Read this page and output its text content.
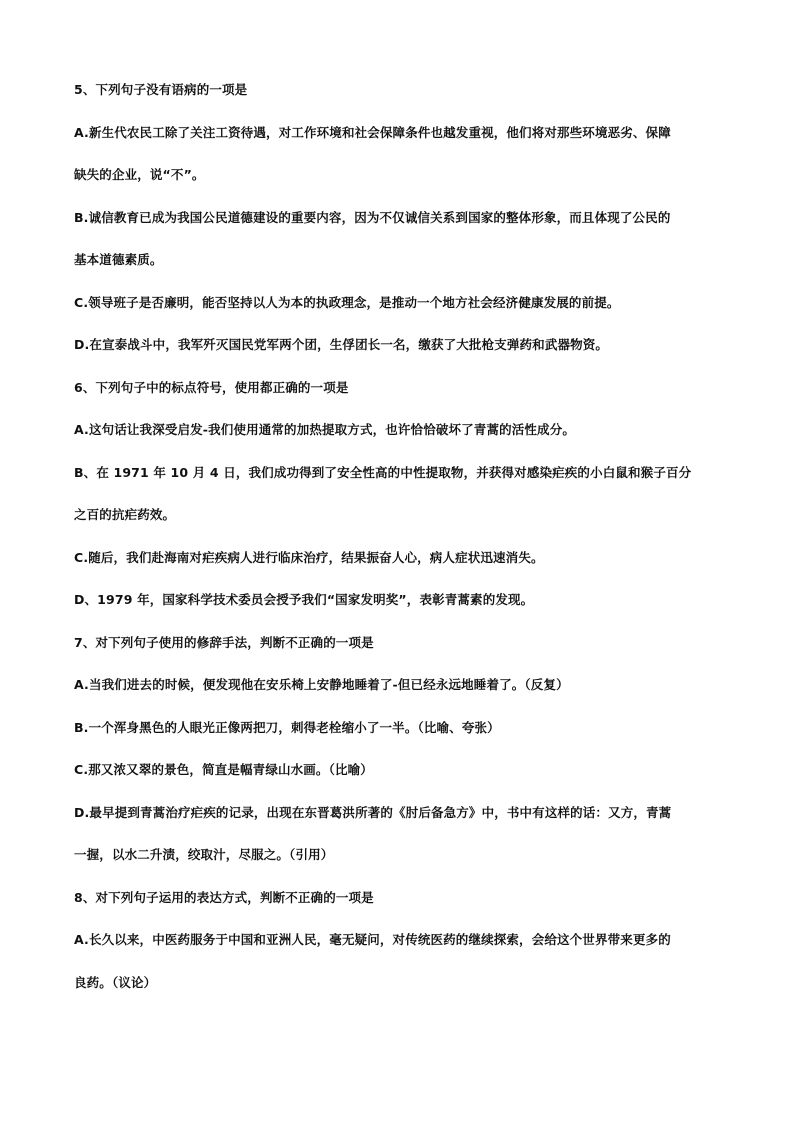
5、下列句子没有语病的一项是
A.新生代农民工除了关注工资待遇，对工作环境和社会保障条件也越发重视，他们将对那些环境恶劣、保障
缺失的企业，说“不”。
B.诚信教育已成为我国公民道德建设的重要内容，因为不仅诚信关系到国家的整体形象，而且体现了公民的
基本道德素质。
C.领导班子是否廉明，能否坚持以人为本的执政理念，是推动一个地方社会经济健康发展的前提。
D.在宣泰战斗中，我军歼灭国民党军两个团，生俘团长一名，缴获了大批枪支弹药和武器物资。
6、下列句子中的标点符号，使用都正确的一项是
A.这句话让我深受启发-我们使用通常的加热提取方式，也许恰恰破坏了青蒿的活性成分。
B、在 1971 年 10 月 4 日，我们成功得到了安全性高的中性提取物，并获得对感染疟疾的小白鼠和猴子百分
之百的抗疟药效。
C.随后，我们赴海南对疟疾病人进行临床治疗，结果振奋人心，病人症状迅速消失。
D、1979 年，国家科学技术委员会授予我们“国家发明奖”，表彰青蒿素的发现。
7、对下列句子使用的修辞手法，判断不正确的一项是
A.当我们进去的时候，便发现他在安乐椅上安静地睡着了-但已经永远地睡着了。（反复）
B.一个浑身黑色的人眼光正像两把刀，刺得老栓缩小了一半。（比喻、夸张）
C.那又浓又翠的景色，简直是幅青绿山水画。（比喻）
D.最早提到青蒿治疗疟疾的记录，出现在东晋葛洪所著的《肘后备急方》中，书中有这样的话：又方，青蒿
一握，以水二升渍，绞取汁，尽服之。（引用）
8、对下列句子运用的表达方式，判断不正确的一项是
A.长久以来，中医药服务于中国和亚洲人民，毫无疑问，对传统医药的继续探索，会给这个世界带来更多的
良药。（议论）
